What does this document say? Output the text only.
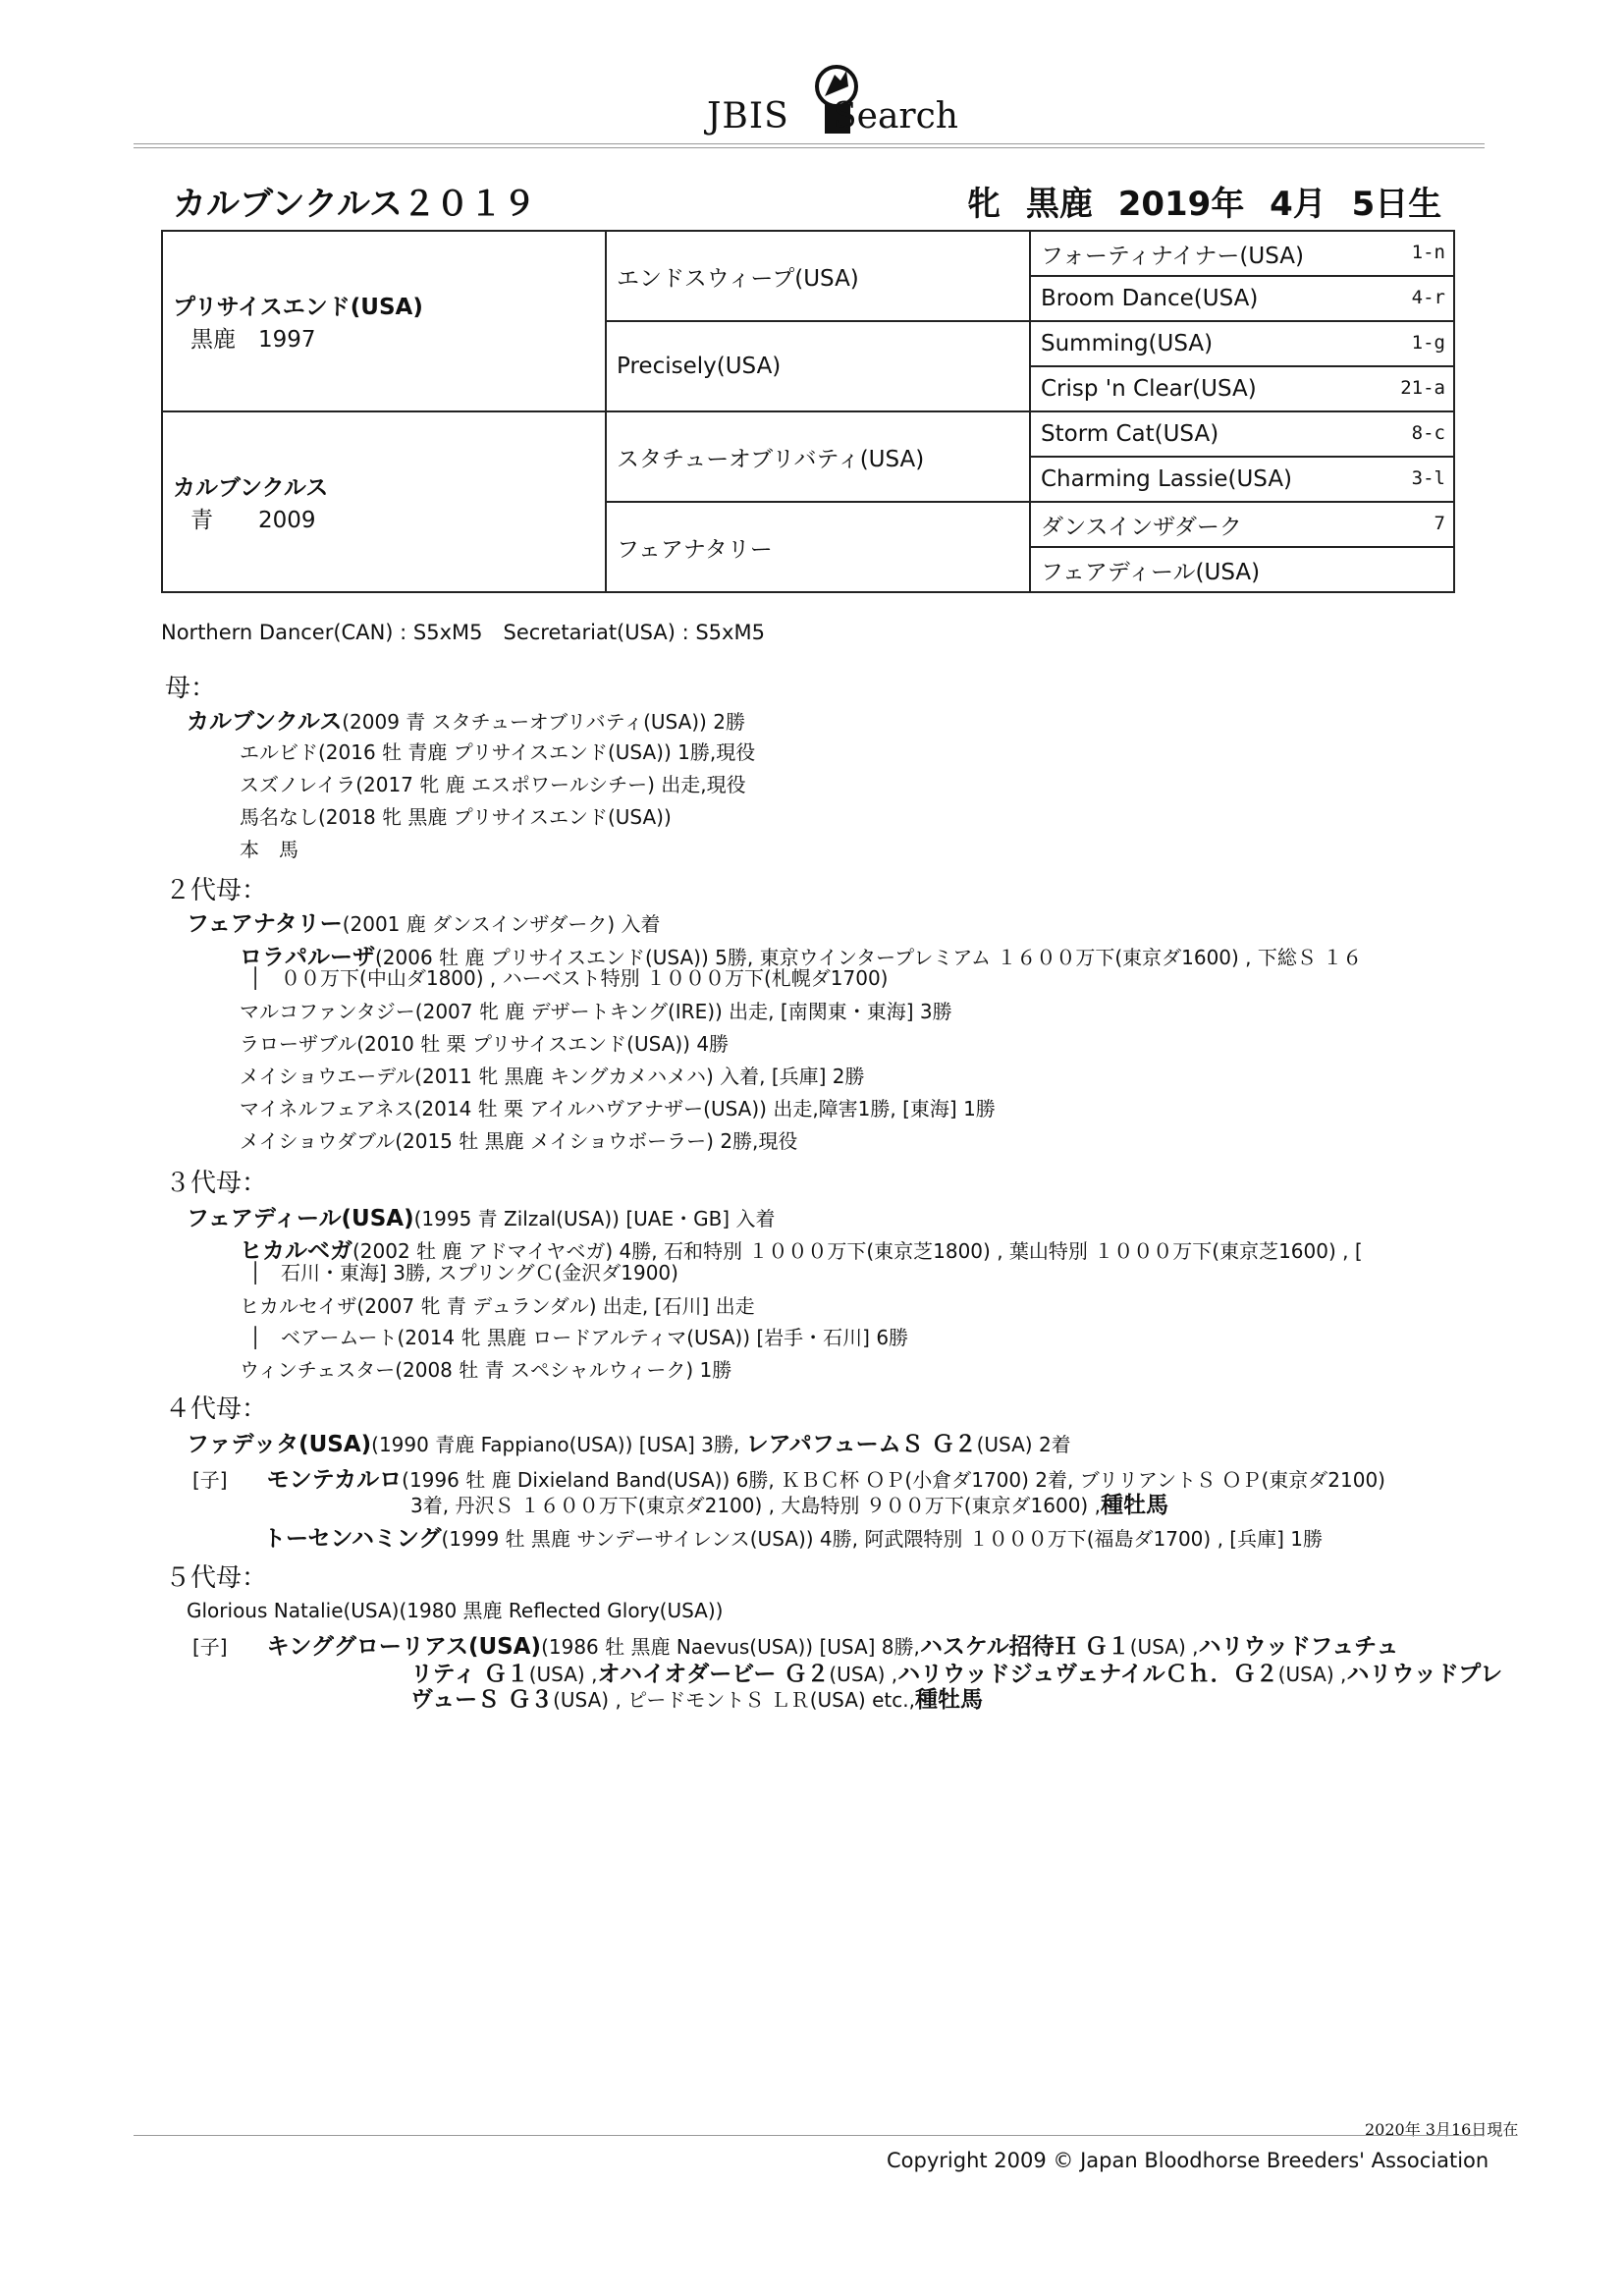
JBIS Search
カルブンクルス２０１９	牝 黒鹿 2019年 4月 5日生
プリサイスエンド(USA)
黒鹿　1997	エンドスウィープ(USA)	フォーティナイナー(USA) 1-n

		Broom Dance(USA) 4-r

	Precisely(USA)	Summing(USA) 1-g

		Crisp 'n Clear(USA) 21-a

カルブンクルス
青　　2009	スタチューオブリバティ(USA)	Storm Cat(USA) 8-c

		Charming Lassie(USA) 3-l

	フェアナタリー	ダンスインザダーク 7

		フェアディール(USA)
Northern Dancer(CAN) : S5xM5　Secretariat(USA) : S5xM5
母：
カルブンクルス(2009 青 スタチューオブリバティ(USA)) 2勝
エルビド(2016 牡 青鹿 プリサイスエンド(USA)) 1勝,現役
スズノレイラ(2017 牝 鹿 エスポワールシチー) 出走,現役
馬名なし(2018 牝 黒鹿 プリサイスエンド(USA))
本　馬
２代母：
フェアナタリー(2001 鹿 ダンスインザダーク) 入着
ロラパルーザ(2006 牡 鹿 プリサイスエンド(USA)) 5勝, 東京ウインタープレミアム １６００万下(東京ダ1600) , 下総Ｓ １６
│　００万下(中山ダ1800) , ハーベスト特別 １０００万下(札幌ダ1700)
マルコファンタジー(2007 牝 鹿 デザートキング(IRE)) 出走, [南関東・東海] 3勝
ラローザブル(2010 牡 栗 プリサイスエンド(USA)) 4勝
メイショウエーデル(2011 牝 黒鹿 キングカメハメハ) 入着, [兵庫] 2勝
マイネルフェアネス(2014 牡 栗 アイルハヴアナザー(USA)) 出走,障害1勝, [東海] 1勝
メイショウダブル(2015 牡 黒鹿 メイショウボーラー) 2勝,現役
３代母：
フェアディール(USA)(1995 青 Zilzal(USA)) [UAE・GB] 入着
ヒカルベガ(2002 牡 鹿 アドマイヤベガ) 4勝, 石和特別 １０００万下(東京芝1800) , 葉山特別 １０００万下(東京芝1600) , [
│　石川・東海] 3勝, スプリングＣ(金沢ダ1900)
ヒカルセイザ(2007 牝 青 デュランダル) 出走, [石川] 出走
│　ベアームート(2014 牝 黒鹿 ロードアルティマ(USA)) [岩手・石川] 6勝
ウィンチェスター(2008 牡 青 スペシャルウィーク) 1勝
４代母：
ファデッタ(USA)(1990 青鹿 Fappiano(USA)) [USA] 3勝, レアパフュームＳ Ｇ２(USA) 2着
[子]　　 モンテカルロ(1996 牡 鹿 Dixieland Band(USA)) 6勝, ＫＢＣ杯 ＯＰ(小倉ダ1700) 2着, ブリリアントＳ ＯＰ(東京ダ2100)
3着, 丹沢Ｓ １６００万下(東京ダ2100) , 大島特別 ９００万下(東京ダ1600) ,種牡馬
トーセンハミング(1999 牡 黒鹿 サンデーサイレンス(USA)) 4勝, 阿武隈特別 １０００万下(福島ダ1700) , [兵庫] 1勝
５代母：
Glorious Natalie(USA)(1980 黒鹿 Reflected Glory(USA))
[子]　　 キンググローリアス(USA)(1986 牡 黒鹿 Naevus(USA)) [USA] 8勝,ハスケル招待Ｈ Ｇ１(USA) ,ハリウッドフュチュ
リティ Ｇ１(USA) ,オハイオダービー Ｇ２(USA) ,ハリウッドジュヴェナイルＣｈ．Ｇ２(USA) ,ハリウッドプレ
ヴューＳ Ｇ３(USA) , ピードモントＳ ＬＲ(USA) etc.,種牡馬
2020年 3月16日現在
Copyright 2009 © Japan Bloodhorse Breeders' Association
